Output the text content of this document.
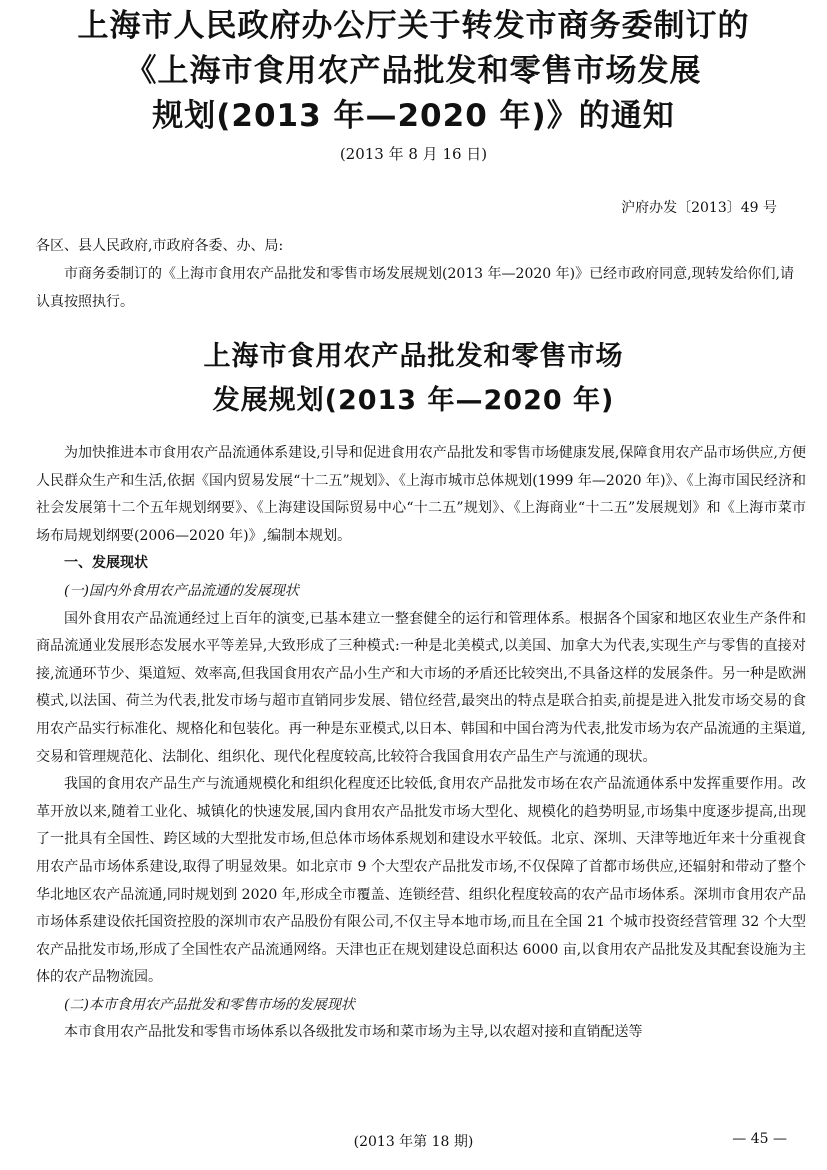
上海市人民政府办公厅关于转发市商务委制订的
《上海市食用农产品批发和零售市场发展
规划(2013 年—2020 年)》的通知
(2013 年 8 月 16 日)
沪府办发〔2013〕49 号
各区、县人民政府,市政府各委、办、局:
市商务委制订的《上海市食用农产品批发和零售市场发展规划(2013 年—2020 年)》已经市政府同意,现转发给你们,请认真按照执行。
上海市食用农产品批发和零售市场
发展规划(2013 年—2020 年)

为加快推进本市食用农产品流通体系建设,引导和促进食用农产品批发和零售市场健康发展,保障食用农产品市场供应,方便人民群众生产和生活,依据《国内贸易发展“十二五”规划》、《上海市城市总体规划(1999 年—2020 年)》、《上海市国民经济和社会发展第十二个五年规划纲要》、《上海建设国际贸易中心“十二五”规划》、《上海商业“十二五”发展规划》和《上海市菜市场布局规划纲要(2006—2020 年)》,编制本规划。

一、发展现状

(一)国内外食用农产品流通的发展现状

国外食用农产品流通经过上百年的演变,已基本建立一整套健全的运行和管理体系。根据各个国家和地区农业生产条件和商品流通业发展形态发展水平等差异,大致形成了三种模式:一种是北美模式,以美国、加拿大为代表,实现生产与零售的直接对接,流通环节少、渠道短、效率高,但我国食用农产品小生产和大市场的矛盾还比较突出,不具备这样的发展条件。另一种是欧洲模式,以法国、荷兰为代表,批发市场与超市直销同步发展、错位经营,最突出的特点是联合拍卖,前提是进入批发市场交易的食用农产品实行标准化、规格化和包装化。再一种是东亚模式,以日本、韩国和中国台湾为代表,批发市场为农产品流通的主渠道,交易和管理规范化、法制化、组织化、现代化程度较高,比较符合我国食用农产品生产与流通的现状。

我国的食用农产品生产与流通规模化和组织化程度还比较低,食用农产品批发市场在农产品流通体系中发挥重要作用。改革开放以来,随着工业化、城镇化的快速发展,国内食用农产品批发市场大型化、规模化的趋势明显,市场集中度逐步提高,出现了一批具有全国性、跨区域的大型批发市场,但总体市场体系规划和建设水平较低。北京、深圳、天津等地近年来十分重视食用农产品市场体系建设,取得了明显效果。如北京市 9 个大型农产品批发市场,不仅保障了首都市场供应,还辐射和带动了整个华北地区农产品流通,同时规划到 2020 年,形成全市覆盖、连锁经营、组织化程度较高的农产品市场体系。深圳市食用农产品市场体系建设依托国资控股的深圳市农产品股份有限公司,不仅主导本地市场,而且在全国 21 个城市投资经营管理 32 个大型农产品批发市场,形成了全国性农产品流通网络。天津也正在规划建设总面积达 6000 亩,以食用农产品批发及其配套设施为主体的农产品物流园。

(二)本市食用农产品批发和零售市场的发展现状

本市食用农产品批发和零售市场体系以各级批发市场和菜市场为主导,以农超对接和直销配送等

(2013 年第 18 期)	— 45 —
